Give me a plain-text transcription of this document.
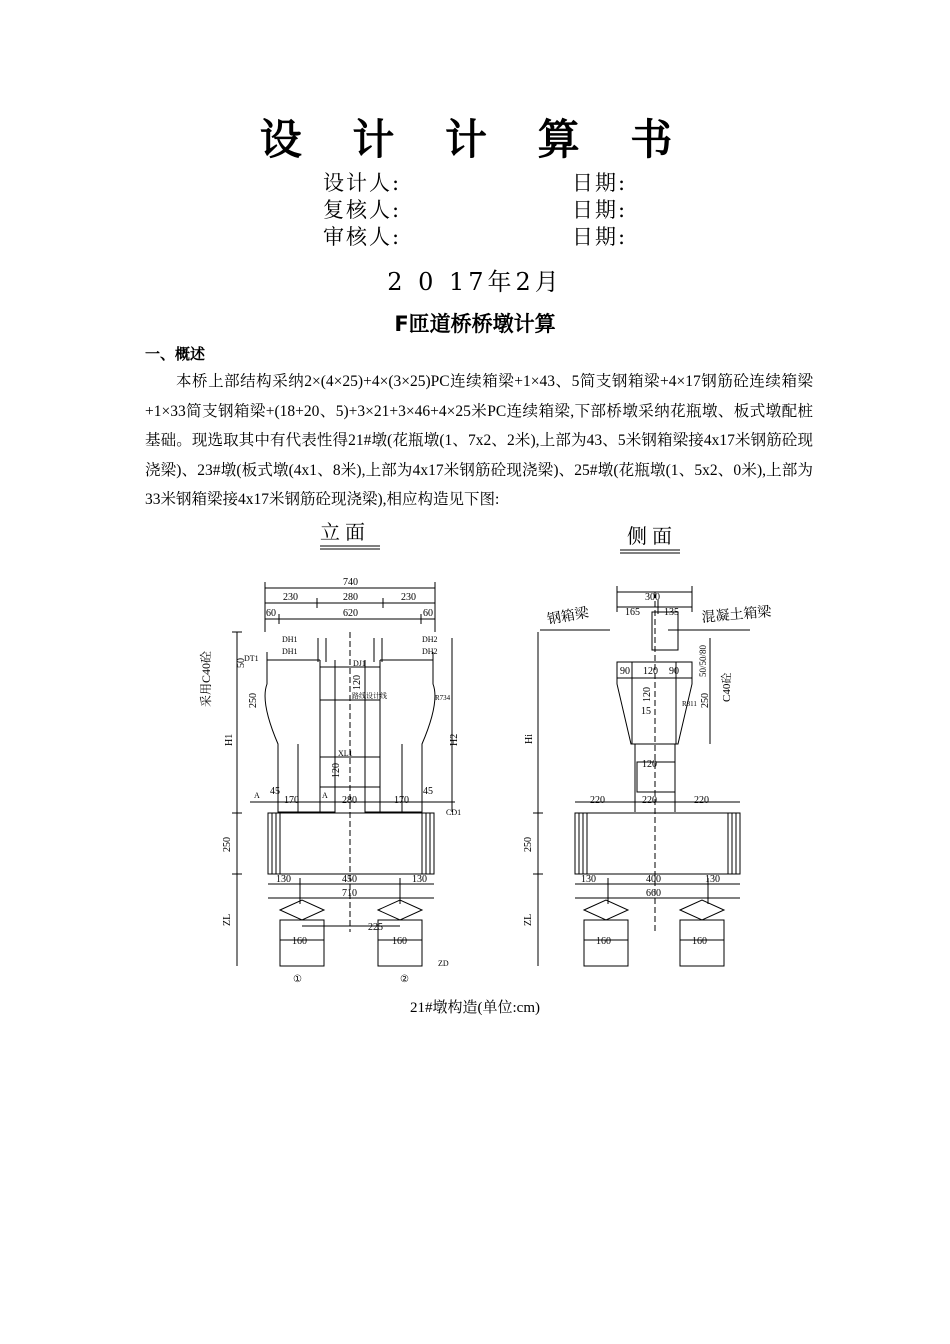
设 计 计 算 书
设计人:	日期:
复核人:	日期:
审核人:	日期:
2 0 17年2月
F匝道桥桥墩计算
一、概述
本桥上部结构采纳2×(4×25)+4×(3×25)PC连续箱梁+1×43、5简支钢箱梁+4×17钢筋砼连续箱梁+1×33简支钢箱梁+(18+20、5)+3×21+3×46+4×25米PC连续箱梁,下部桥墩采纳花瓶墩、板式墩配桩基础。现选取其中有代表性得21#墩(花瓶墩(1、7x2、2米),上部为43、5米钢箱梁接4x17米钢筋砼现浇梁)、23#墩(板式墩(4x1、8米),上部为4x17米钢筋砼现浇梁)、25#墩(花瓶墩(1、5x2、0米),上部为33米钢箱梁接4x17米钢筋砼现浇梁),相应构造见下图:
立 面	侧 面
740
230	280	230
60	620	60
120
250
50
120
45
170	280	170
45
250
130	450	130
710
225
160	160
DH1
DH1
DH2
DH2
DT1
H1	H2
ZL
采用C40砼	路线设计线	R734
A	A
①	②
ZD
CD1
XL1
DJ1
300
165 135
90 120 90
120
15
120
250
50/50/80
220	220	220
250
130	400	130
660
160	160
钢箱梁	混凝土箱梁
Hi
ZL
C40砼
R811
21#墩构造(单位:cm)
